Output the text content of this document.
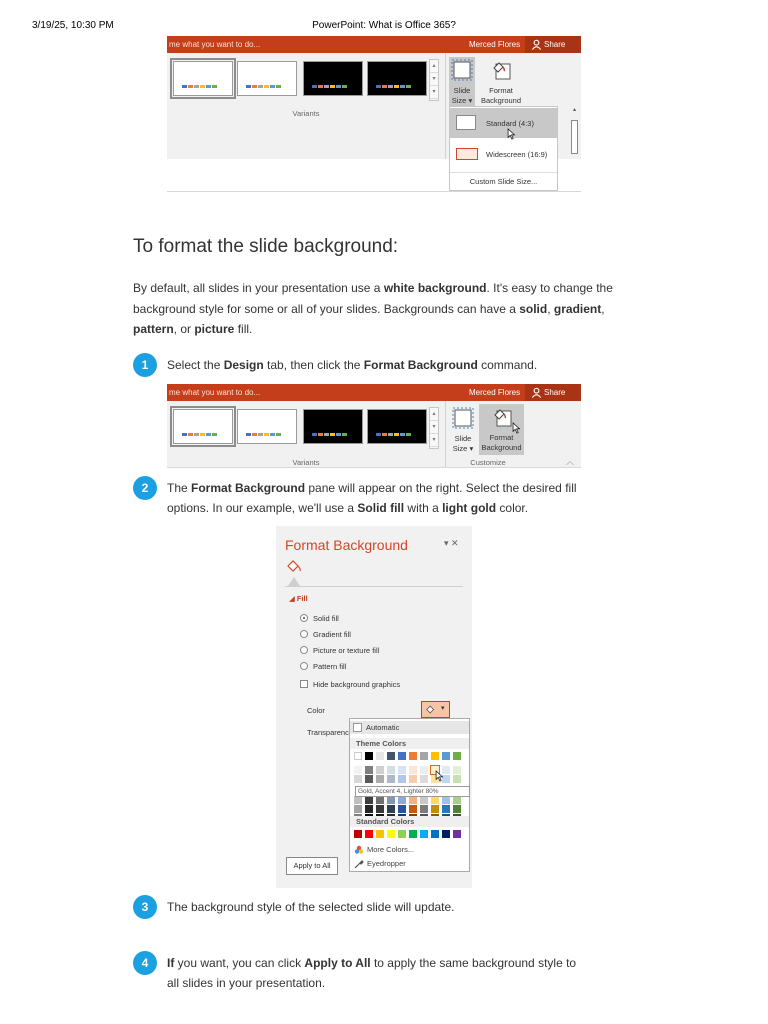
3/19/25, 10:30 PM	PowerPoint: What is Office 365?
me what you want to do...	Merced Flores	Share
▴
▾
▾
Variants
Slide Size ▾
Format Background
Standard (4:3)
Widescreen (16:9)
Custom Slide Size...
▴
To format the slide background:

By default, all slides in your presentation use a white background. It's easy to change the background style for some or all of your slides. Backgrounds can have a solid, gradient, pattern, or picture fill.

1	Select the Design tab, then click the Format Background command.

me what you want to do...	Merced Flores	Share
▴
▾
▾
Variants
Slide Size ▾
Format Background
Customize	︿
2	The Format Background pane will appear on the right. Select the desired fill options. In our example, we'll use a Solid fill with a light gold color.

Format Background	▾ ✕
◢ Fill
Solid fill
Gradient fill
Picture or texture fill
Pattern fill
Hide background graphics
Color	▾
Transparenc
Automatic
Theme Colors
Gold, Accent 4, Lighter 80%
Standard Colors
More Colors...
Eyedropper
Apply to All
3	The background style of the selected slide will update.

4	If you want, you can click Apply to All to apply the same background style to all slides in your presentation.
